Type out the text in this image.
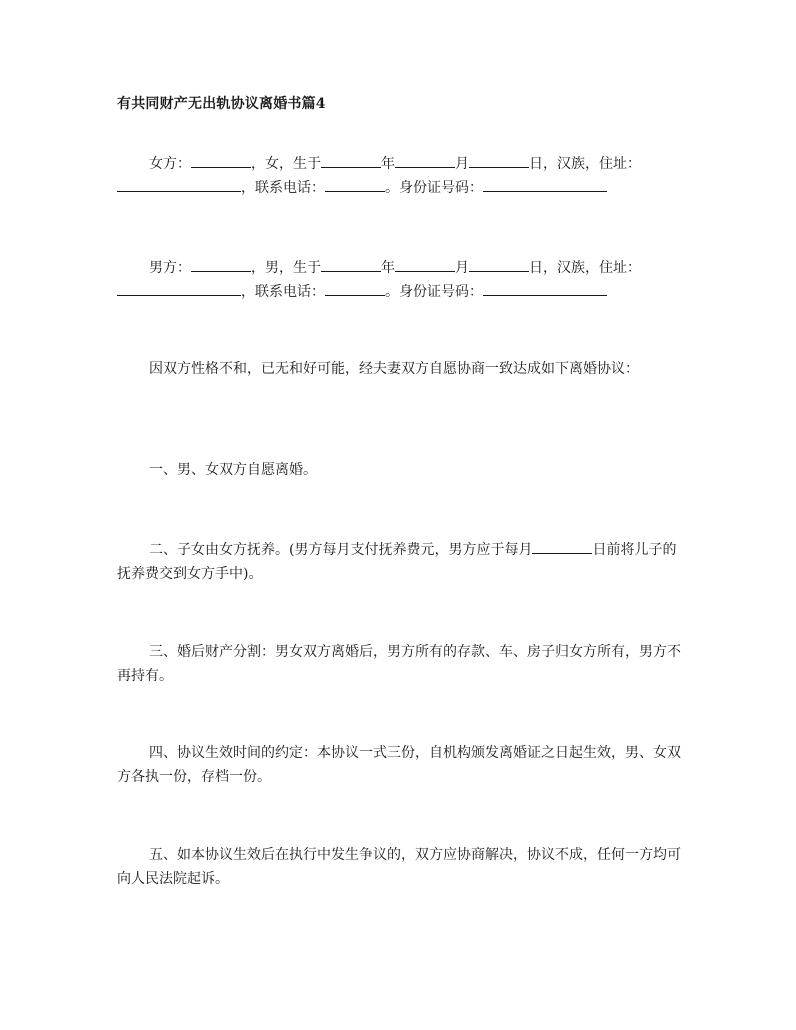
有共同财产无出轨协议离婚书篇4

女方：	，女，生于	年	月	日，汉族，住址：，联系电话：	。身份证号码：

男方：	，男，生于	年	月	日，汉族，住址：，联系电话：	。身份证号码：

因双方性格不和，已无和好可能，经夫妻双方自愿协商一致达成如下离婚协议：

一、男、女双方自愿离婚。

二、子女由女方抚养。(男方每月支付抚养费元，男方应于每月	日前将儿子的抚养费交到女方手中)。

三、婚后财产分割：男女双方离婚后，男方所有的存款、车、房子归女方所有，男方不再持有。

四、协议生效时间的约定：本协议一式三份，自机构颁发离婚证之日起生效，男、女双方各执一份，存档一份。

五、如本协议生效后在执行中发生争议的，双方应协商解决，协议不成，任何一方均可向人民法院起诉。
